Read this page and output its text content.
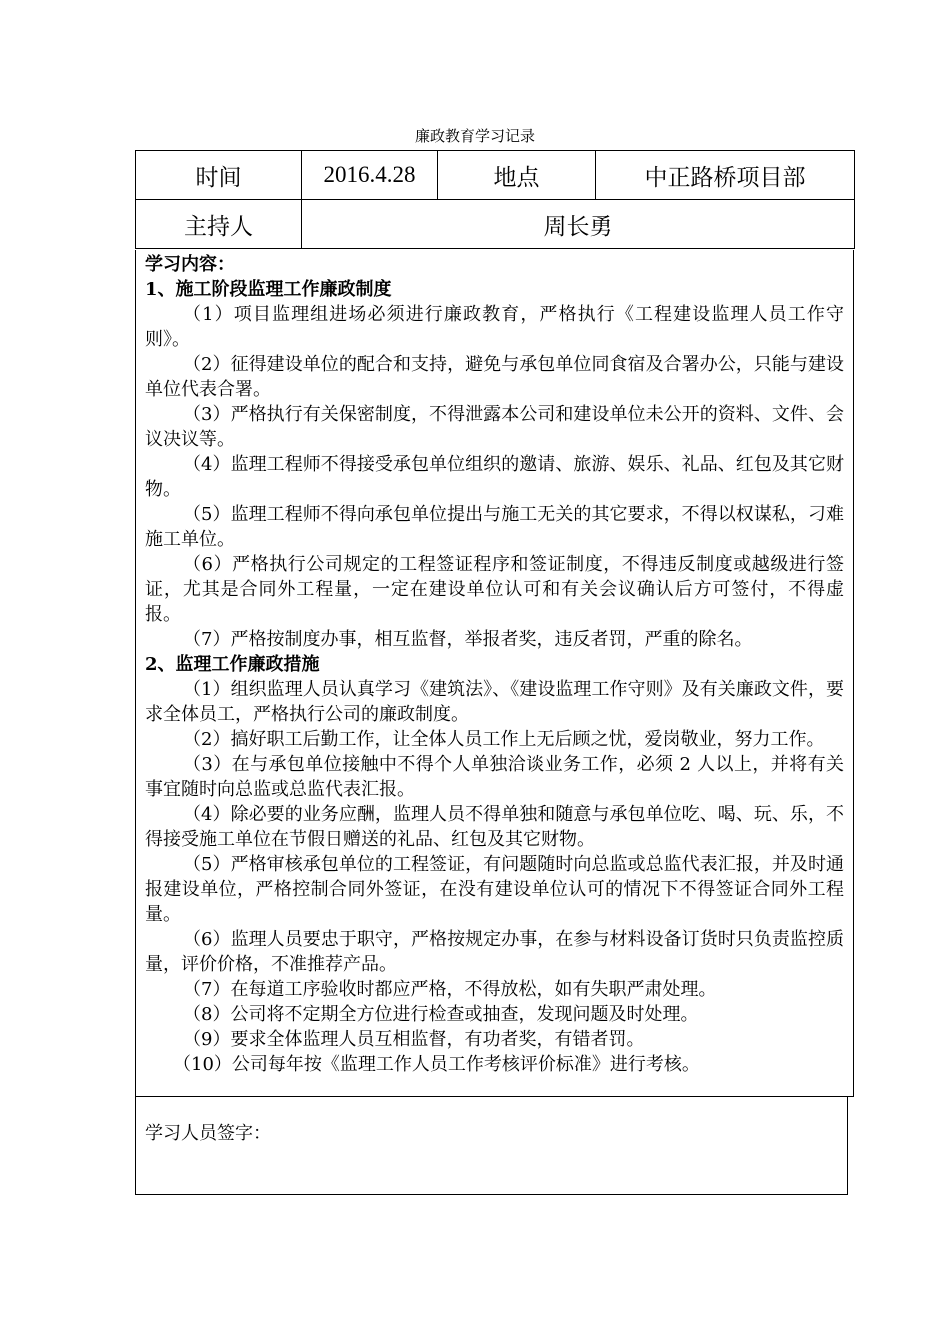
廉政教育学习记录
时间	2016.4.28	地点	中正路桥项目部
主持人	周长勇		

学习内容：

1、施工阶段监理工作廉政制度

（1）项目监理组进场必须进行廉政教育，严格执行《工程建设监理人员工作守则》。

（2）征得建设单位的配合和支持，避免与承包单位同食宿及合署办公，只能与建设单位代表合署。

（3）严格执行有关保密制度，不得泄露本公司和建设单位未公开的资料、文件、会议决议等。

（4）监理工程师不得接受承包单位组织的邀请、旅游、娱乐、礼品、红包及其它财物。

（5）监理工程师不得向承包单位提出与施工无关的其它要求，不得以权谋私，刁难施工单位。

（6）严格执行公司规定的工程签证程序和签证制度，不得违反制度或越级进行签证，尤其是合同外工程量，一定在建设单位认可和有关会议确认后方可签付，不得虚报。

（7）严格按制度办事，相互监督，举报者奖，违反者罚，严重的除名。

2、监理工作廉政措施

（1）组织监理人员认真学习《建筑法》、《建设监理工作守则》及有关廉政文件，要求全体员工，严格执行公司的廉政制度。

（2）搞好职工后勤工作，让全体人员工作上无后顾之忧，爱岗敬业，努力工作。

（3）在与承包单位接触中不得个人单独洽谈业务工作，必须 2 人以上，并将有关事宜随时向总监或总监代表汇报。

（4）除必要的业务应酬，监理人员不得单独和随意与承包单位吃、喝、玩、乐，不得接受施工单位在节假日赠送的礼品、红包及其它财物。

（5）严格审核承包单位的工程签证，有问题随时向总监或总监代表汇报，并及时通报建设单位，严格控制合同外签证，在没有建设单位认可的情况下不得签证合同外工程量。

（6）监理人员要忠于职守，严格按规定办事，在参与材料设备订货时只负责监控质量，评价价格，不准推荐产品。

（7）在每道工序验收时都应严格，不得放松，如有失职严肃处理。

（8）公司将不定期全方位进行检查或抽查，发现问题及时处理。

（9）要求全体监理人员互相监督，有功者奖，有错者罚。

（10）公司每年按《监理工作人员工作考核评价标准》进行考核。

学习人员签字：
